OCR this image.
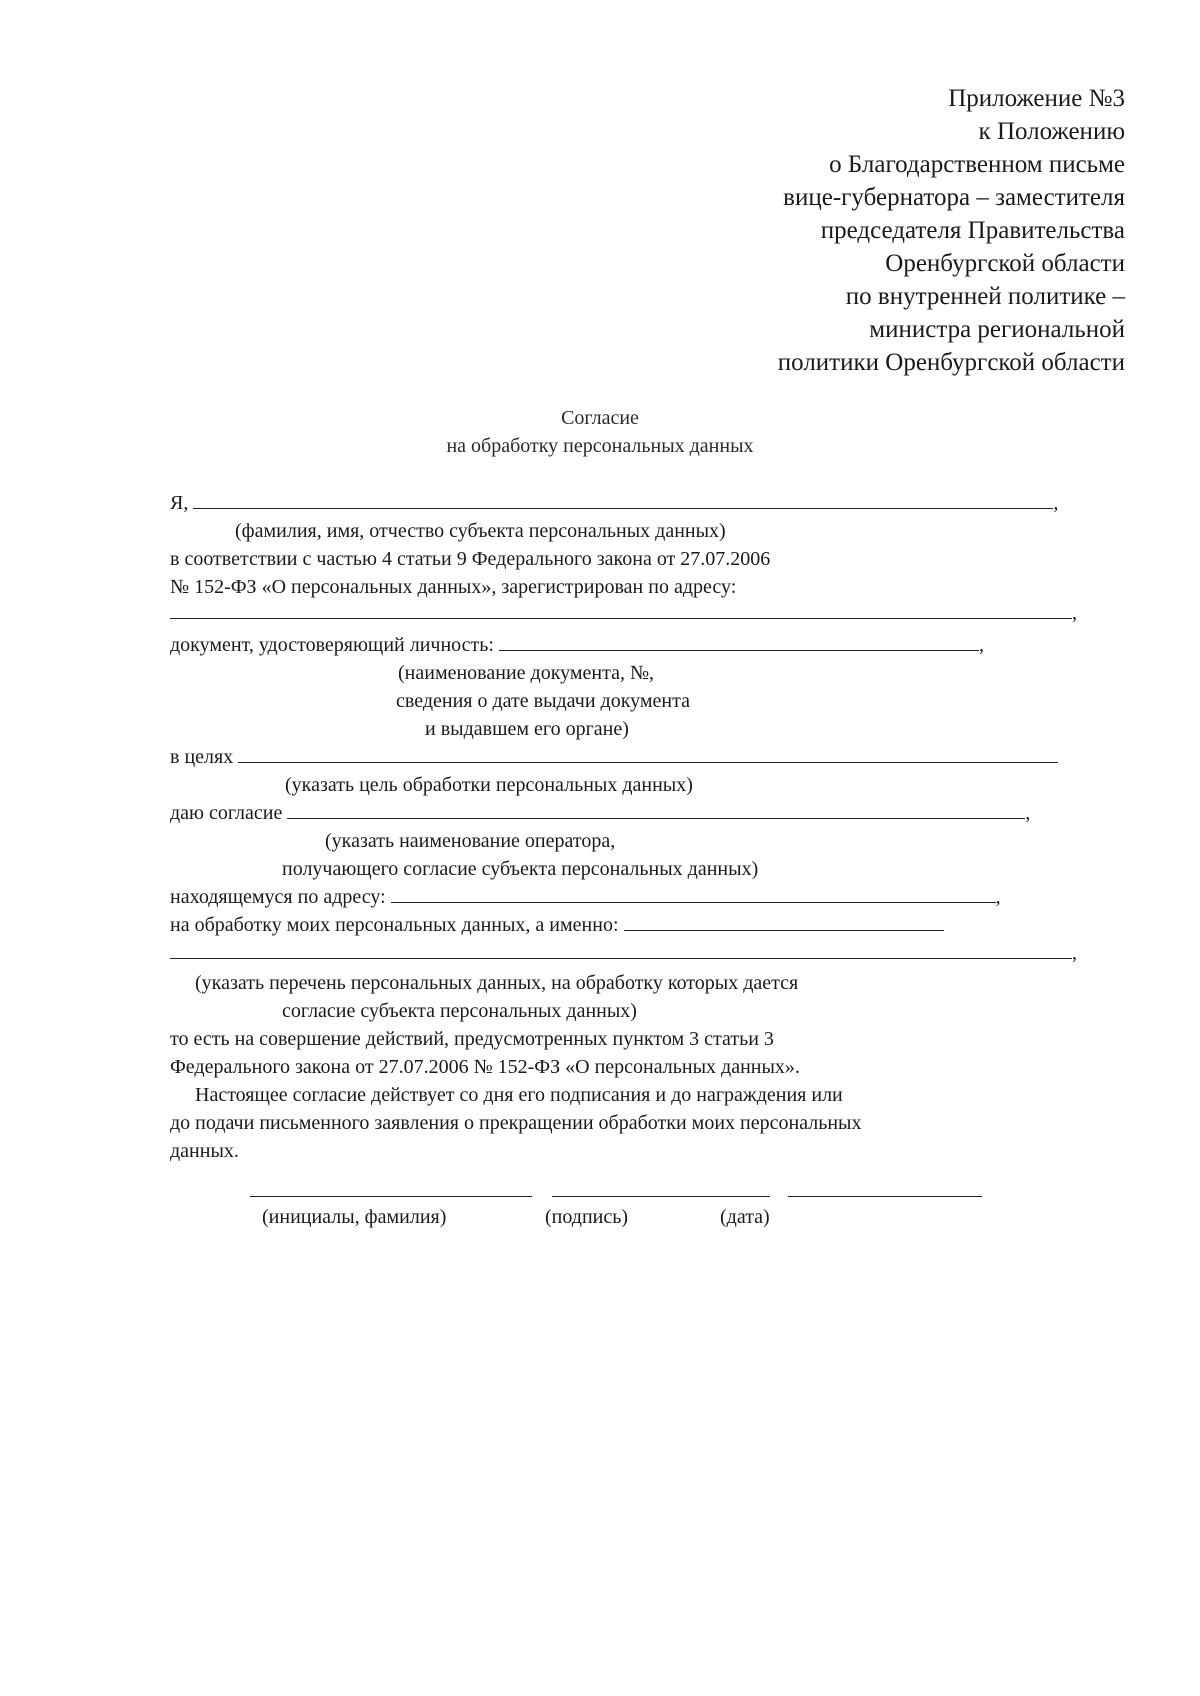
Приложение №3
к Положению
о Благодарственном письме
вице-губернатора – заместителя
председателя Правительства
Оренбургской области
по внутренней политике –
министра региональной
политики Оренбургской области
Согласие
на обработку персональных данных
Я,	,
(фамилия, имя, отчество субъекта персональных данных)
в соответствии с частью 4 статьи 9 Федерального закона от 27.07.2006
№ 152-ФЗ «О персональных данных», зарегистрирован по адресу:
,
документ, удостоверяющий личность:	,
(наименование документа, №,
сведения о дате выдачи документа
и выдавшем его органе)
в целях
(указать цель обработки персональных данных)
даю согласие	,
(указать наименование оператора,
получающего согласие субъекта персональных данных)
находящемуся по адресу:	,
на обработку моих персональных данных, а именно:
,
(указать перечень персональных данных, на обработку которых дается
согласие субъекта персональных данных)
то есть на совершение действий, предусмотренных пунктом 3 статьи 3
Федерального закона от 27.07.2006 № 152-ФЗ «О персональных данных».
Настоящее согласие действует со дня его подписания и до награждения или
до подачи письменного заявления о прекращении обработки моих персональных
данных.
(инициалы, фамилия)	(подпись)	(дата)
